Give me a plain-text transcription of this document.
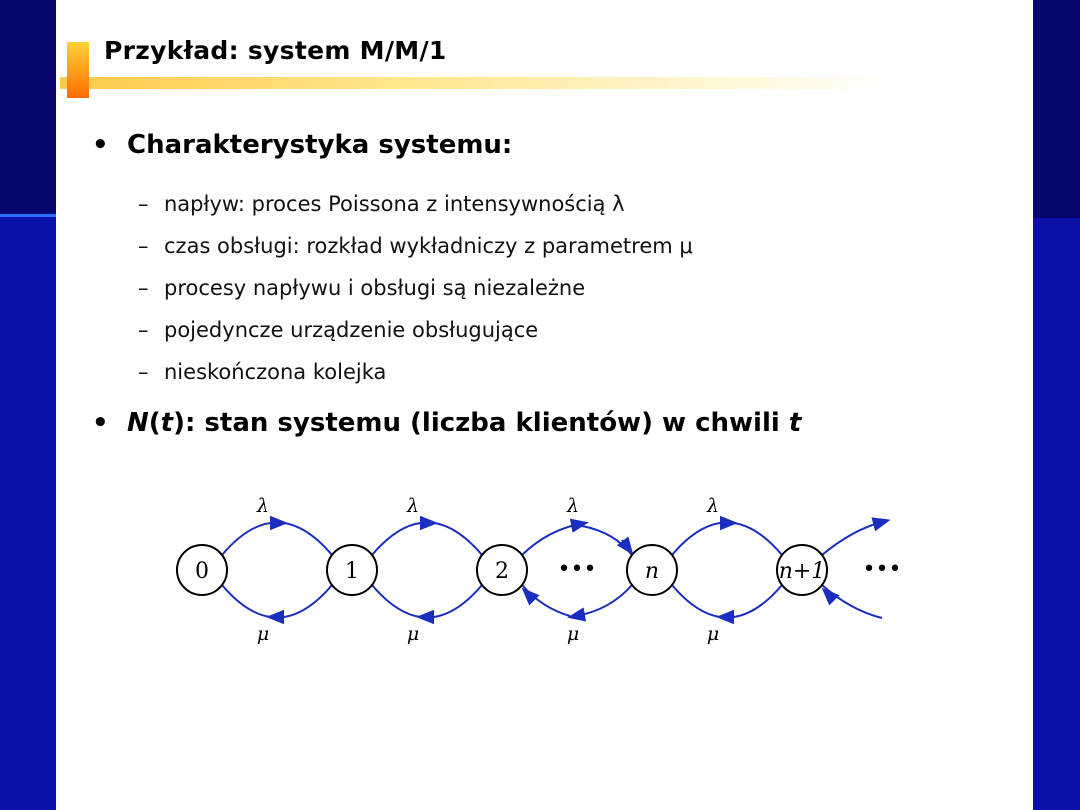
Przykład: system M/M/1
• Charakterystyka systemu:
– napływ: proces Poissona z intensywnością λ
– czas obsługi: rozkład wykładniczy z parametrem μ
– procesy napływu i obsługi są niezależne
– pojedyncze urządzenie obsługujące
– nieskończona kolejka
• N(t): stan systemu (liczba klientów) w chwili t
0	1	2	n	n+1
λ
μ
λ
μ
λ
μ
λ
μ
•••	•••
